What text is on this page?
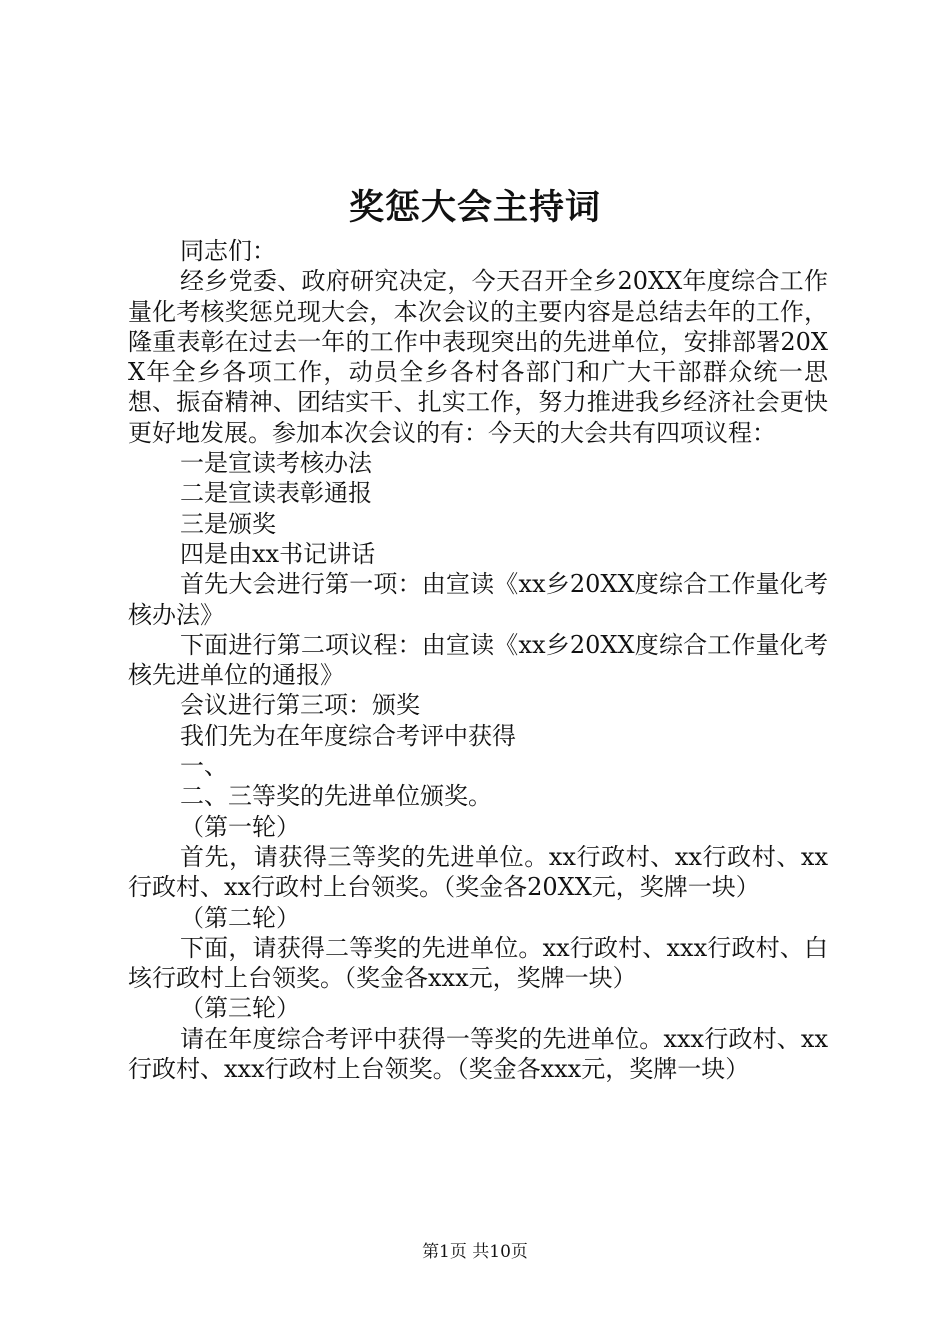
奖惩大会主持词

同志们：

经乡党委、政府研究决定，今天召开全乡20XX年度综合工作量化考核奖惩兑现大会，本次会议的主要内容是总结去年的工作，隆重表彰在过去一年的工作中表现突出的先进单位，安排部署20XX年全乡各项工作，动员全乡各村各部门和广大干部群众统一思想、振奋精神、团结实干、扎实工作，努力推进我乡经济社会更快更好地发展。参加本次会议的有：今天的大会共有四项议程：

一是宣读考核办法

二是宣读表彰通报

三是颁奖

四是由xx书记讲话

首先大会进行第一项：由宣读《xx乡20XX度综合工作量化考核办法》

下面进行第二项议程：由宣读《xx乡20XX度综合工作量化考核先进单位的通报》

会议进行第三项：颁奖

我们先为在年度综合考评中获得

一、

二、三等奖的先进单位颁奖。

（第一轮）

首先，请获得三等奖的先进单位。xx行政村、xx行政村、xx行政村、xx行政村上台领奖。（奖金各20XX元，奖牌一块）

（第二轮）

下面，请获得二等奖的先进单位。xx行政村、xxx行政村、白垓行政村上台领奖。（奖金各xxx元，奖牌一块）

（第三轮）

请在年度综合考评中获得一等奖的先进单位。xxx行政村、xx行政村、xxx行政村上台领奖。（奖金各xxx元，奖牌一块）

第1页 共10页
